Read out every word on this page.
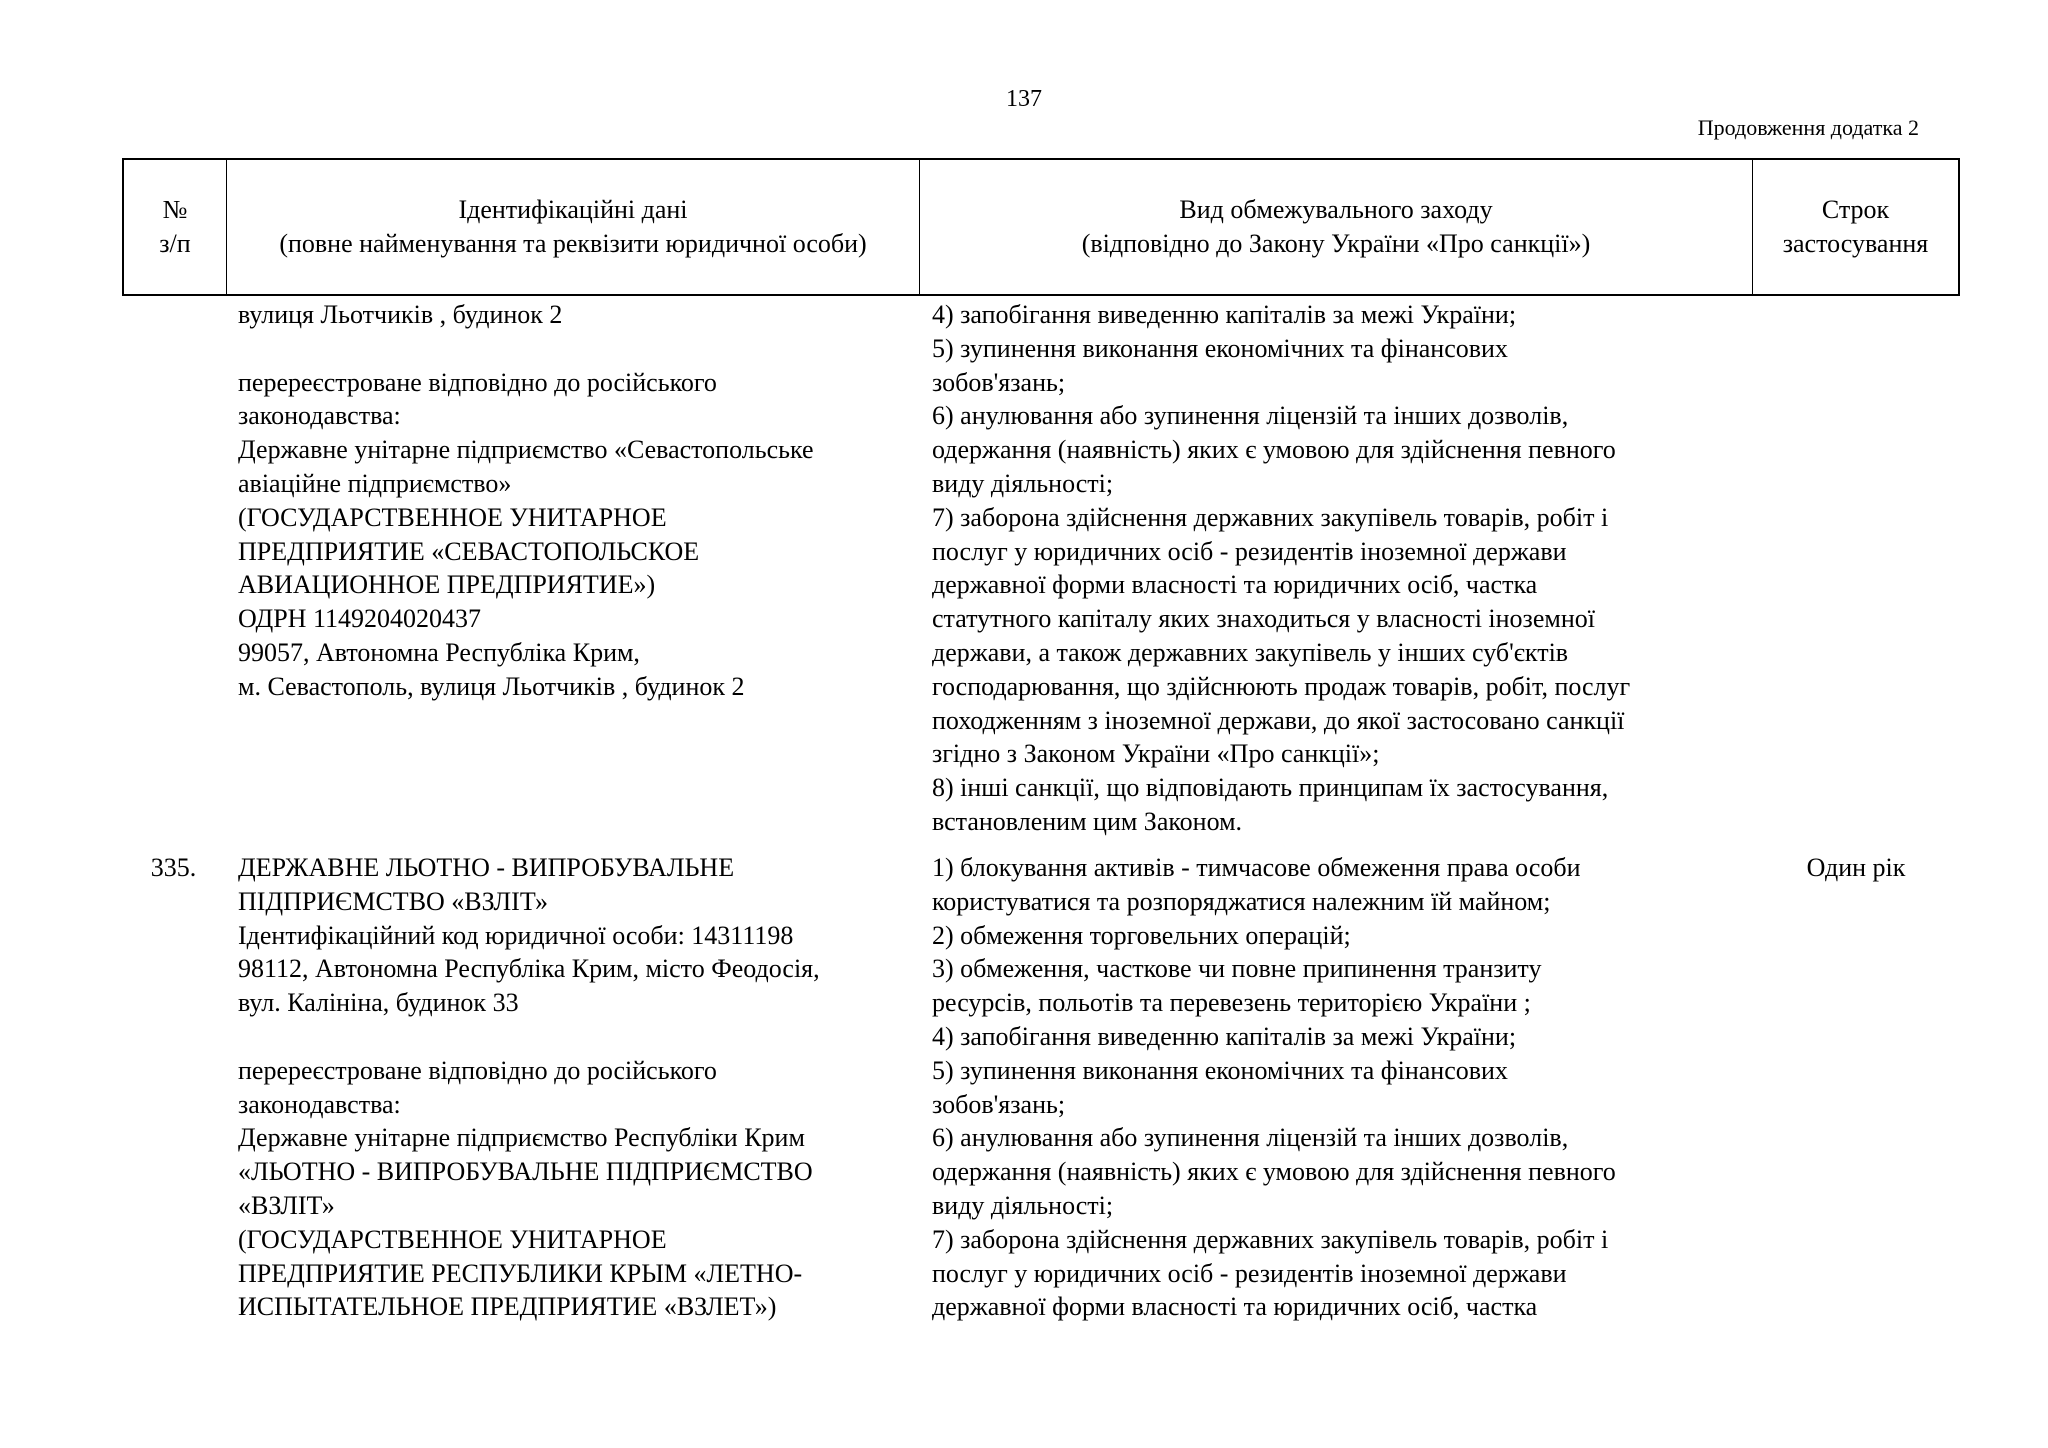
137
Продовження додатка 2
№
з/п
Ідентифікаційні дані
(повне найменування та реквізити юридичної особи)
Вид обмежувального заходу
(відповідно до Закону України «Про санкції»)
Строк
застосування
вулиця Льотчиків , будинок 2
перереєстроване відповідно до російського
законодавства:
Державне унітарне підприємство «Севастопольське
авіаційне підприємство»
(ГОСУДАРСТВЕННОЕ УНИТАРНОЕ
ПРЕДПРИЯТИЕ «СЕВАСТОПОЛЬСКОЕ
АВИАЦИОННОЕ ПРЕДПРИЯТИЕ»)
ОДРН 1149204020437
99057, Автономна Республіка Крим,
м. Севастополь, вулиця Льотчиків , будинок 2
4) запобігання виведенню капіталів за межі України;
5) зупинення виконання економічних та фінансових
зобов'язань;
6) анулювання або зупинення ліцензій та інших дозволів,
одержання (наявність) яких є умовою для здійснення певного
виду діяльності;
7) заборона здійснення державних закупівель товарів, робіт і
послуг у юридичних осіб - резидентів іноземної держави
державної форми власності та юридичних осіб, частка
статутного капіталу яких знаходиться у власності іноземної
держави, а також державних закупівель у інших суб'єктів
господарювання, що здійснюють продаж товарів, робіт, послуг
походженням з іноземної держави, до якої застосовано санкції
згідно з Законом України «Про санкції»;
8) інші санкції, що відповідають принципам їх застосування,
встановленим цим Законом.
335.	ДЕРЖАВНЕ ЛЬОТНО - ВИПРОБУВАЛЬНЕ
ПІДПРИЄМСТВО «ВЗЛІТ»
Ідентифікаційний код юридичної особи: 14311198
98112, Автономна Республіка Крим, місто Феодосія,
вул. Калініна, будинок 33
перереєстроване відповідно до російського
законодавства:
Державне унітарне підприємство Республіки Крим
«ЛЬОТНО - ВИПРОБУВАЛЬНЕ ПІДПРИЄМСТВО
«ВЗЛІТ»
(ГОСУДАРСТВЕННОЕ УНИТАРНОЕ
ПРЕДПРИЯТИЕ РЕСПУБЛИКИ КРЫМ «ЛЕТНО-
ИСПЫТАТЕЛЬНОЕ ПРЕДПРИЯТИЕ «ВЗЛЕТ»)
1) блокування активів - тимчасове обмеження права особи
користуватися та розпоряджатися належним їй майном;
2) обмеження торговельних операцій;
3) обмеження, часткове чи повне припинення транзиту
ресурсів, польотів та перевезень територією України ;
4) запобігання виведенню капіталів за межі України;
5) зупинення виконання економічних та фінансових
зобов'язань;
6) анулювання або зупинення ліцензій та інших дозволів,
одержання (наявність) яких є умовою для здійснення певного
виду діяльності;
7) заборона здійснення державних закупівель товарів, робіт і
послуг у юридичних осіб - резидентів іноземної держави
державної форми власності та юридичних осіб, частка
Один рік
